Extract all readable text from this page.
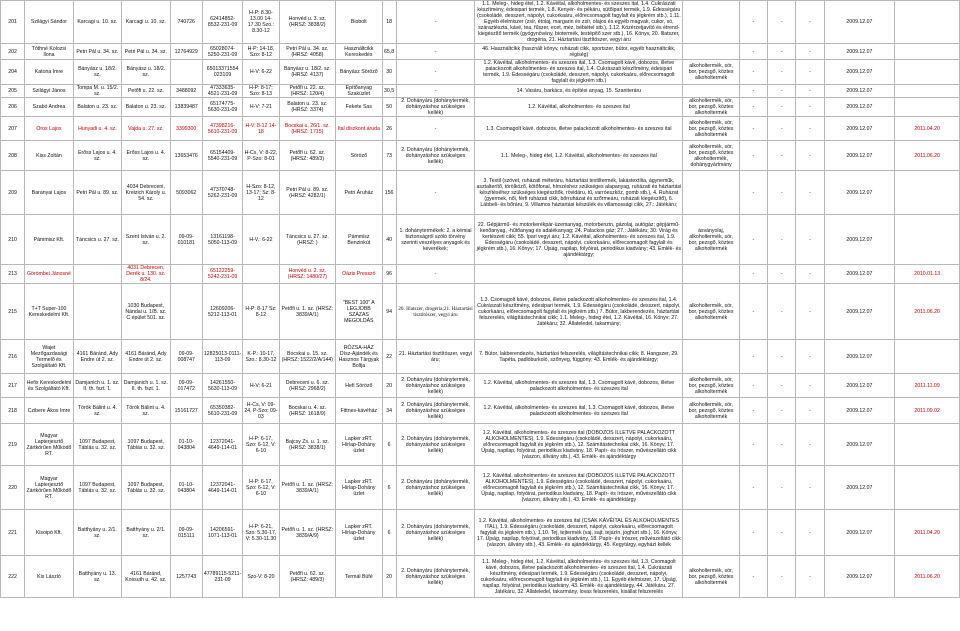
201	Szilágyi Sándor	Karcagi u. 10. sz.	Karcagi u. 10. sz.	740726	62414852-8532-231-09	H-P: 8.30-13.00 14-17.30 Szo.: 8.30-12	Honvéd u. 3. sz. (HRSZ: 3838/2)	Biobolt	18	-	1.1. Meleg-, hideg étel, 1.2. Kávéital, alkoholmentes- és szeszes ital, 1.4. Cukrászati készítmény, édesipari termék, 1.8. Kenyér- és pékáru, sütőipari termék, 1.9. Édességáru (csokoládé, desszert, nápolyi, cukorkaáru, előrecsomagolt fagylalt és jégkrém stb.), 1.11. Egyéb élelmiszer (zsír, étolaj, margarin és zsír, olajos és egyéb magvak, cukor, só, száraztészta, kávé, tea, fűszer, ecet, méz, bébiétel stb.), 1.12. Közérzetjavító és étrend-kiegészítő termék (gyógynövény, biotermék, testépítő szer stb.), 16. Könyv, 20. Illatszer, drogéria, 21. Háztartási tisztítószer, vegyi áru		-	-	-	2009.12.07	
202	Tóthné Kolozsi Ilona	Petri Pál u. 34. sz.	Petri Pál u. 34. sz.	12764929	65028074-5250-231-09	H-P: 14-18, Szo: 8-12	Petri Pál u. 34. sz. (HRSZ: 4058)	Használtcikk Kereskedés	65,8	-	46. Használtcikk (használt könyv, ruházati cikk, sportszer, bútor, egyéb használtcikk, régiség)		-	-	-	2009.12.07	
204	Katona Imre	Bányász u. 18/2. sz.	Bányász u. 18/2. sz.		65013371554 023109	H-V: 6-22	Bányász u. 18/2. sz.(HRSZ: 4137)	Bányász Söröző	30	-	1.2. Kávéital, alkoholmentes- és szeszes ital, 1.3. Csomagolt kávé, dobozos, illetve palackozott alkoholmentes- és szeszes ital, 1.4. Cukrászati készítmény, édesipari termék, 1.9. Édességáru (csokoládé, desszert, nápolyi, cukorkaáru, előrecsomagolt fagylalt és jégkrém stb.)	alkoholtermék, sör, bor, pezsgő, köztes alkoholtermék	-	-	-	2009.12.07	
205	Szilágyi János	Tompa M. u. 15/2. sz.	Petőfi u. 22. sz.	3488092	47333635-4521-231-09	H-P: 8-17; Szo: 8-13	Petőfi u. 22. sz. (HRSZ: 120/4)	Építőanyag Szaküzlet	30,5	-	14. Vasáru, barkács, és építési anyag, 15. Szaniteráru		-	-	-	2009.12.07	
206	Szabó Andrea	Balaton u. 23. sz.	Balaton u. 23. sz.	13839487	65174775-5630-231-09	H-V: 7-21	Balaton u. 23. sz. (HRSZ: 3374)	Fekete Sas	50	2. Dohányáru (dohánytermék, dohányzáshoz szükséges kellék)	1.2. Kávéital, alkoholmentes- és szeszes ital	alkoholtermék, sör, bor, pezsgő, köztes alkoholtermék	-	-	-	2009.12.07	
207	Oros Lajos	Hunyadi u. 4. sz.	Vajda u. 27. sz.	3399300	47398216-5610-231-09	H-V: 8-12 14-18	Bocskai u. 26/1. sz. (HRSZ: 1715)	Ital diszkont áruda	26	-	1.3. Csomagolt kávé, dobozos, illetve palackozott alkoholmentes- és szeszes ital	alkoholtermék, sör, bor, pezsgő, köztes alkoholtermék	-	-	-	2009.12.07	2011.04.20
208	Kiss Zoltán	Erőss Lajos u. 4. sz.	Erőss Lajos u. 4. sz.	13653476	65154409-5540-231-09	H-Cs, V: 8-22, P-Szo: 8-01	Petőfi u. 62. sz. (HRSZ: 489/3)	Söröző	73	2. Dohányáru (dohánytermék, dohányzáshoz szükséges kellék)	1.1. Meleg-, hideg étel, 1.2. Kávéital, alkoholmentes- és szeszes ital	alkoholtermék, sör, bor, pezsgő, köztes alkoholtermék, dohánygyártmány	-	-	-	2009.12.07	2011.06.20
209	Baranyai Lajos	Petri Pál u. 89. sz.	4034 Debreceni, Kreizich Károly u. 54. sz.	5093062	47370748-5262-231-09	H-Szo: 8-12, 13-17; Sz: 8-12	Petri Pál u. 89. sz. (HRSZ: 4282/1)	Petri Áruház	156	-	3. Textil (szövet, ruházati méteráru, háztartási textiltermék, lakástextília, ágyneműk, asztalterítő, törölköző, kötőfonal, hímzéshez szükséges alapanyag, ruházati és háztartási készítéséhez szükséges kiegészítők, rövidáru, tű, varróeszköz, gomb stb.), 4. Ruházat (gyermek, női, férfi ruházati cikk, bőrruházat és szőrmeáru, ruházati kiegészítő), 6. Lábbeli- és bőráru, 9. Villamos háztartási készülék és villamossági cikk, 27.: Játékáru;		-	-	-	2009.12.07	
210	Pámmisz Kft.	Táncsics u. 27. sz.	Szent István u. 2. sz.	09-09-010181	13161198-5050-113-09	H-V.: 6-22	Táncsics u. 27. sz. (HRSZ: )	Pámmisz Benzinkút	40	1. dohánytermékek: 2. a kémiai biztonságról szóló törvény szerinti veszélyes anyagok és keverékek;	22. Gépjármű- és motorkerékpár-üzemanyag, motorbenzin, gázolaj, autógáz; gépjármű-kenőanyag, -hűtőanyag és adalékanyag; 24. Palackos gáz; 27.: Játékáru; 30. Virág és kertészeti cikk; 55. Ipari vegyi áru; 1.2. Kávéital, alkoholmentes- és szeszes ital, 1.9. Édességáru (csokoládé, desszert, nápolyi, cukorkaáru, előrecsomagolt fagylalt és jégkrém stb.), 16. Könyv; 17. Újság, napilap, folyóirat, periodikus kiadvány; 43. Emlék- és ajándéktárgy;	ásványolaj, alkoholtermék, sör, bor, pezsgő, köztes alkoholtermék	-	-	-	2009.12.07	
213	Görömbei Jánosné		4031 Debrecen, Derék u. 130. sz. 8/24.		65122259-5242-231-09		Honvéd u. 2. sz. (HRSZ: 1480/27)	Oázis Presszó	96	-			-	-	-	2009.12.07	2010.01.13
215	T+T Super-100 Kereskedelmi Kft.		1030 Budapest, Nándai u. 1/B. sz. C épület 501. sz.		12609206-5212-113-01	H-P: 8-17 Sz: 8-12	Petőfi u. 1. sz. (HRSZ: 3839/A/1)	"BEST 100" A LEGJOBB SZÁZAS MEGOLDÁS	94	20. Illatszer, drogéria;21. Háztartási tisztítószer, vegyi áru	1.3. Csomagolt kávé, dobozos, illetve palackozott alkoholmentes- és szeszes ital, 1.4. Cukrászati készítmény, édesipari termék, 1.9. Édességáru (csokoládé, desszert, nápolyi, cukorkaáru, előrecsomagolt fagylalt és jégkrém stb.) 7. Bútor, lakberendezés, háztartási felszerelés, világítástechnikai cikk; 1.1. Meleg-, hideg étel, 1.2. Kávéital, 16. Könyv; 27. Játékáru; 32. Állateledel, takarmány;	alkoholtermék, sör, bor, pezsgő, köztes alkoholtermék	-	-	-	2009.12.07	2011.06.20
216	Wajet Mezőgazdasági Termelő és Szolgáltató Kft.	4161 Báránd, Ady Endre út 2. sz.	4161 Báránd, Ady Endre út 2. sz.	09-09-008747	12825013-0111-113-09	K-P.: 10-17, Szo.: 8.30-12	Bocskai u. 15. sz. (HRSZ: 1522/2/A/144)	RÓZSA-HÁZ Dísz-Ajándék és Hasznos Tárgyak Boltja	22	21. Háztartási tisztítószer, vegyi áru;	7. Bútor, lakberendezés, háztartási felszerelés, világítástechnikai cikk; 8. Hangszer, 29. Tapéta, padlóburkoló, szőnyeg, függöny; 43. Emlék- és ajándéktárgy;		-	-	-	2009.12.07	
217	Hefix Kereskedelmi és Szolgáltató Kft.	Damjanich u. 1. sz. II. th. fszt. 1.	Damjanich u. 1. sz. II. th. fszt. 1.	09-09-017472	14261550-5630-113-09	H-V: 6-21	Debreceni u. 6. sz. (HRSZ: 2968/2)	Hefi Söröző	20	2. Dohányáru (dohánytermék, dohányzáshoz szükséges kellék)	1.2. Kávéital, alkoholmentes- és szeszes ital, 1.3. Csomagolt kávé, dobozos, illetve palackozott alkoholmentes- és szeszes ital	alkoholtermék, sör, bor, pezsgő, köztes alkoholtermék	-	-	-	2009.12.07	2011.11.09
218	Czibere Ákos Imre	Török Bálint u. 4. sz.	Török Bálint u. 4. sz.	15161727	65350382-5610-231-09	H-Cs, V: 09-24, P-Szo: 09-03	Bocskai u. 4. sz. (HRSZ: 1618/9)	Fittnes-kávéház	34	2. Dohányáru (dohánytermék, dohányzáshoz szükséges kellék)	1.2. Kávéital, alkoholmentes- és szeszes ital, 1.3. Csomagolt kávé, dobozos, illetve palackozott alkoholmentes- és szeszes ital	alkoholtermék, sör, bor, pezsgő, köztes alkoholtermék	-	-	-	2009.12.07	2011.09.02
219	Magyar Lapterjesztő Zártkörűen Működő RT.	1097 Budapest, Táblás u. 32. sz.	1097 Budapest, Táblás u. 32. sz.	01-10-043804	12372041-4649-114-01	H-P: 6-17, Szo: 6-12, V: 6-10	Bajcsy Zs. u. 1. sz. (HRSZ: 3838/1)	Lapker zRT. Hírlap-Dohány üzlet	6	2. Dohányáru (dohánytermék, dohányzáshoz szükséges kellék)	1.2. Kávéital, alkoholmentes- és szeszes ital (DOBOZOS ILLETVE PALACKOZOTT ALKOHOLMENTES), 1.9. Édességáru (csokoládé, desszert, nápolyi, cukorkaáru, előrecsomagolt fagylalt és jégkrém stb.), 12. Számítástechnikai cikk, 16. Könyv, 17. Újság, napilap, folyóirat, periodikus kiadvány, 18. Papír- és írószer, művészellátó cikk (vászon, állvány stb.), 43. Emlék- és ajándéktárgy		-	-	-	2009.12.07	
220	Magyar Lapterjesztő Zártkörűen Működő RT.	1097 Budapest, Táblás u. 32. sz.	1097 Budapest, Táblás u. 32. sz.	01-10-043804	12372041-4649-114-01	H-P: 6-17, Szo: 6-12, V: 6-10	Petőfi u. 1. sz. (HRSZ: 3839/A/1)	Lapker zRT. Hírlap-Dohány üzlet	6	2. Dohányáru (dohánytermék, dohányzáshoz szükséges kellék)	1.2. Kávéital, alkoholmentes- és szeszes ital (DOBOZOS ILLETVE PALACKOZOTT ALKOHOLMENTES), 1.9. Édességáru (csokoládé, desszert, nápolyi, cukorkaáru, előrecsomagolt fagylalt és jégkrém stb.), 12. Számítástechnikai cikk, 16. Könyv, 17. Újság, napilap, folyóirat, periodikus kiadvány, 18. Papír- és írószer, művészellátó cikk (vászon, állvány stb.), 43. Emlék- és ajándéktárgy		-	-	-	2009.12.07	
221	Kisoipó Kft.	Batthyány u. 2/1. sz.	Batthyány u. 2/1. sz.	09-09-015111	14206591-1071-113-01	H-P: 6-21, Szo: 5.30-17, V: 5.30-11.30	Petőfi u. 1. sz. (HRSZ: 3839/A/9)	Lapker zRT. Hírlap-Dohány üzlet	6	2. Dohányáru (dohánytermék, dohányzáshoz szükséges kellék)	1.2. Kávéital, alkoholmentes- és szeszes ital (CSAK KÁVÉITAL ÉS ALKOHOLMENTES ITAL), 1.9. Édességáru (csokoládé, desszert, nápolyi, cukorkaáru, előrecsomagolt fagylalt és jégkrém stb.), 1.10. Tej, tejtermék (vaj, sajt, tejszín, joghurt stb.), 16. Könyv, 17. Újság, napilap, folyóirat, periodikus kiadvány, 18. Papír- és írószer, művészellátó cikk (vászon, állvány stb.), 43. Emlék- és ajándéktárgy, 45. Kegytárgy, egyházi kellék		-	-	-	2009.12.07	2011.04.20
222	Kis László	Batthyány u. 13. sz.	4161 Báránd, Kossuth u. 42. sz.	1257743	47789115-5211-231-09	Szo-V: 8-20	Petőfi u. 62. sz. (HRSZ: 489/3)	Termál Büfé	20	2. Dohányáru (dohánytermék, dohányzáshoz szükséges kellék)	1.1. Meleg-, hideg étel, 1.2. Kávéital, alkoholmentes- és szeszes ital, 1.3. Csomagolt kávé, dobozos, illetve palackozott alkoholmentes- és szeszes ital, 1.4. Cukrászati készítmény, édesipari termék, 1.9. Édességáru (csokoládé, desszert, nápolyi, cukorkaáru, előrecsomagolt fagylalt és jégkrém stb.), 11. Egyéb élelmiszer, 17. Újság, napilap, folyóirat, periodikus kiadvány, 43. Emlék- és ajándéktárgy, 44. Játékáru, 27. Játékáru, 32. Állateledel, takarmány, lovas felszerelés, kisállat felszerelés	alkoholtermék, sör, bor, pezsgő, köztes alkoholtermék	-	-	-	2009.12.07	2011.06.20
